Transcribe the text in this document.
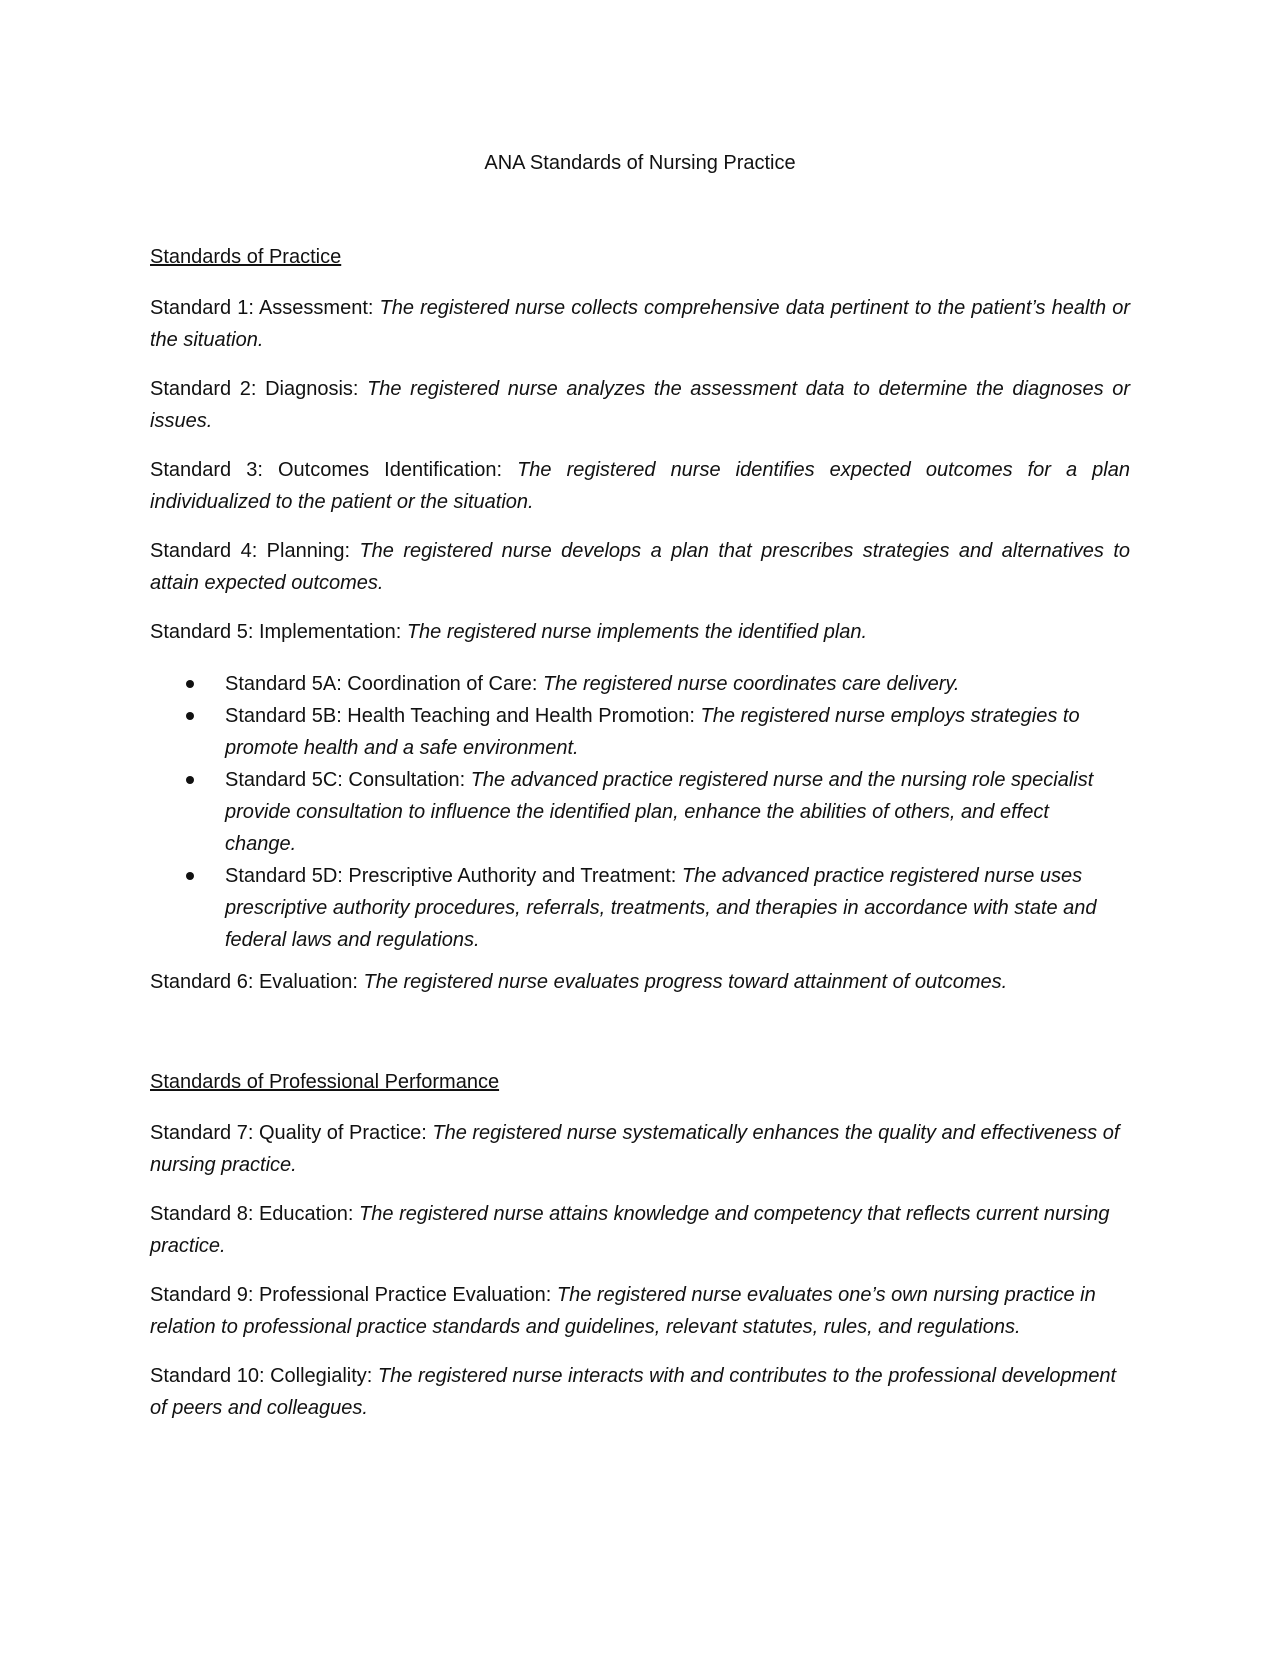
ANA Standards of Nursing Practice
Standards of Practice

Standard 1: Assessment: The registered nurse collects comprehensive data pertinent to the patient’s health or the situation.

Standard 2: Diagnosis: The registered nurse analyzes the assessment data to determine the diagnoses or issues.

Standard 3: Outcomes Identification: The registered nurse identifies expected outcomes for a plan individualized to the patient or the situation.

Standard 4: Planning: The registered nurse develops a plan that prescribes strategies and alternatives to attain expected outcomes.

Standard 5: Implementation: The registered nurse implements the identified plan.

Standard 5A: Coordination of Care: The registered nurse coordinates care delivery.
Standard 5B: Health Teaching and Health Promotion: The registered nurse employs strategies to promote health and a safe environment.
Standard 5C: Consultation: The advanced practice registered nurse and the nursing role specialist provide consultation to influence the identified plan, enhance the abilities of others, and effect change.
Standard 5D: Prescriptive Authority and Treatment: The advanced practice registered nurse uses prescriptive authority procedures, referrals, treatments, and therapies in accordance with state and federal laws and regulations.

Standard 6: Evaluation: The registered nurse evaluates progress toward attainment of outcomes.

Standards of Professional Performance

Standard 7: Quality of Practice: The registered nurse systematically enhances the quality and effectiveness of nursing practice.

Standard 8: Education: The registered nurse attains knowledge and competency that reflects current nursing practice.

Standard 9: Professional Practice Evaluation: The registered nurse evaluates one’s own nursing practice in relation to professional practice standards and guidelines, relevant statutes, rules, and regulations.

Standard 10: Collegiality: The registered nurse interacts with and contributes to the professional development of peers and colleagues.
